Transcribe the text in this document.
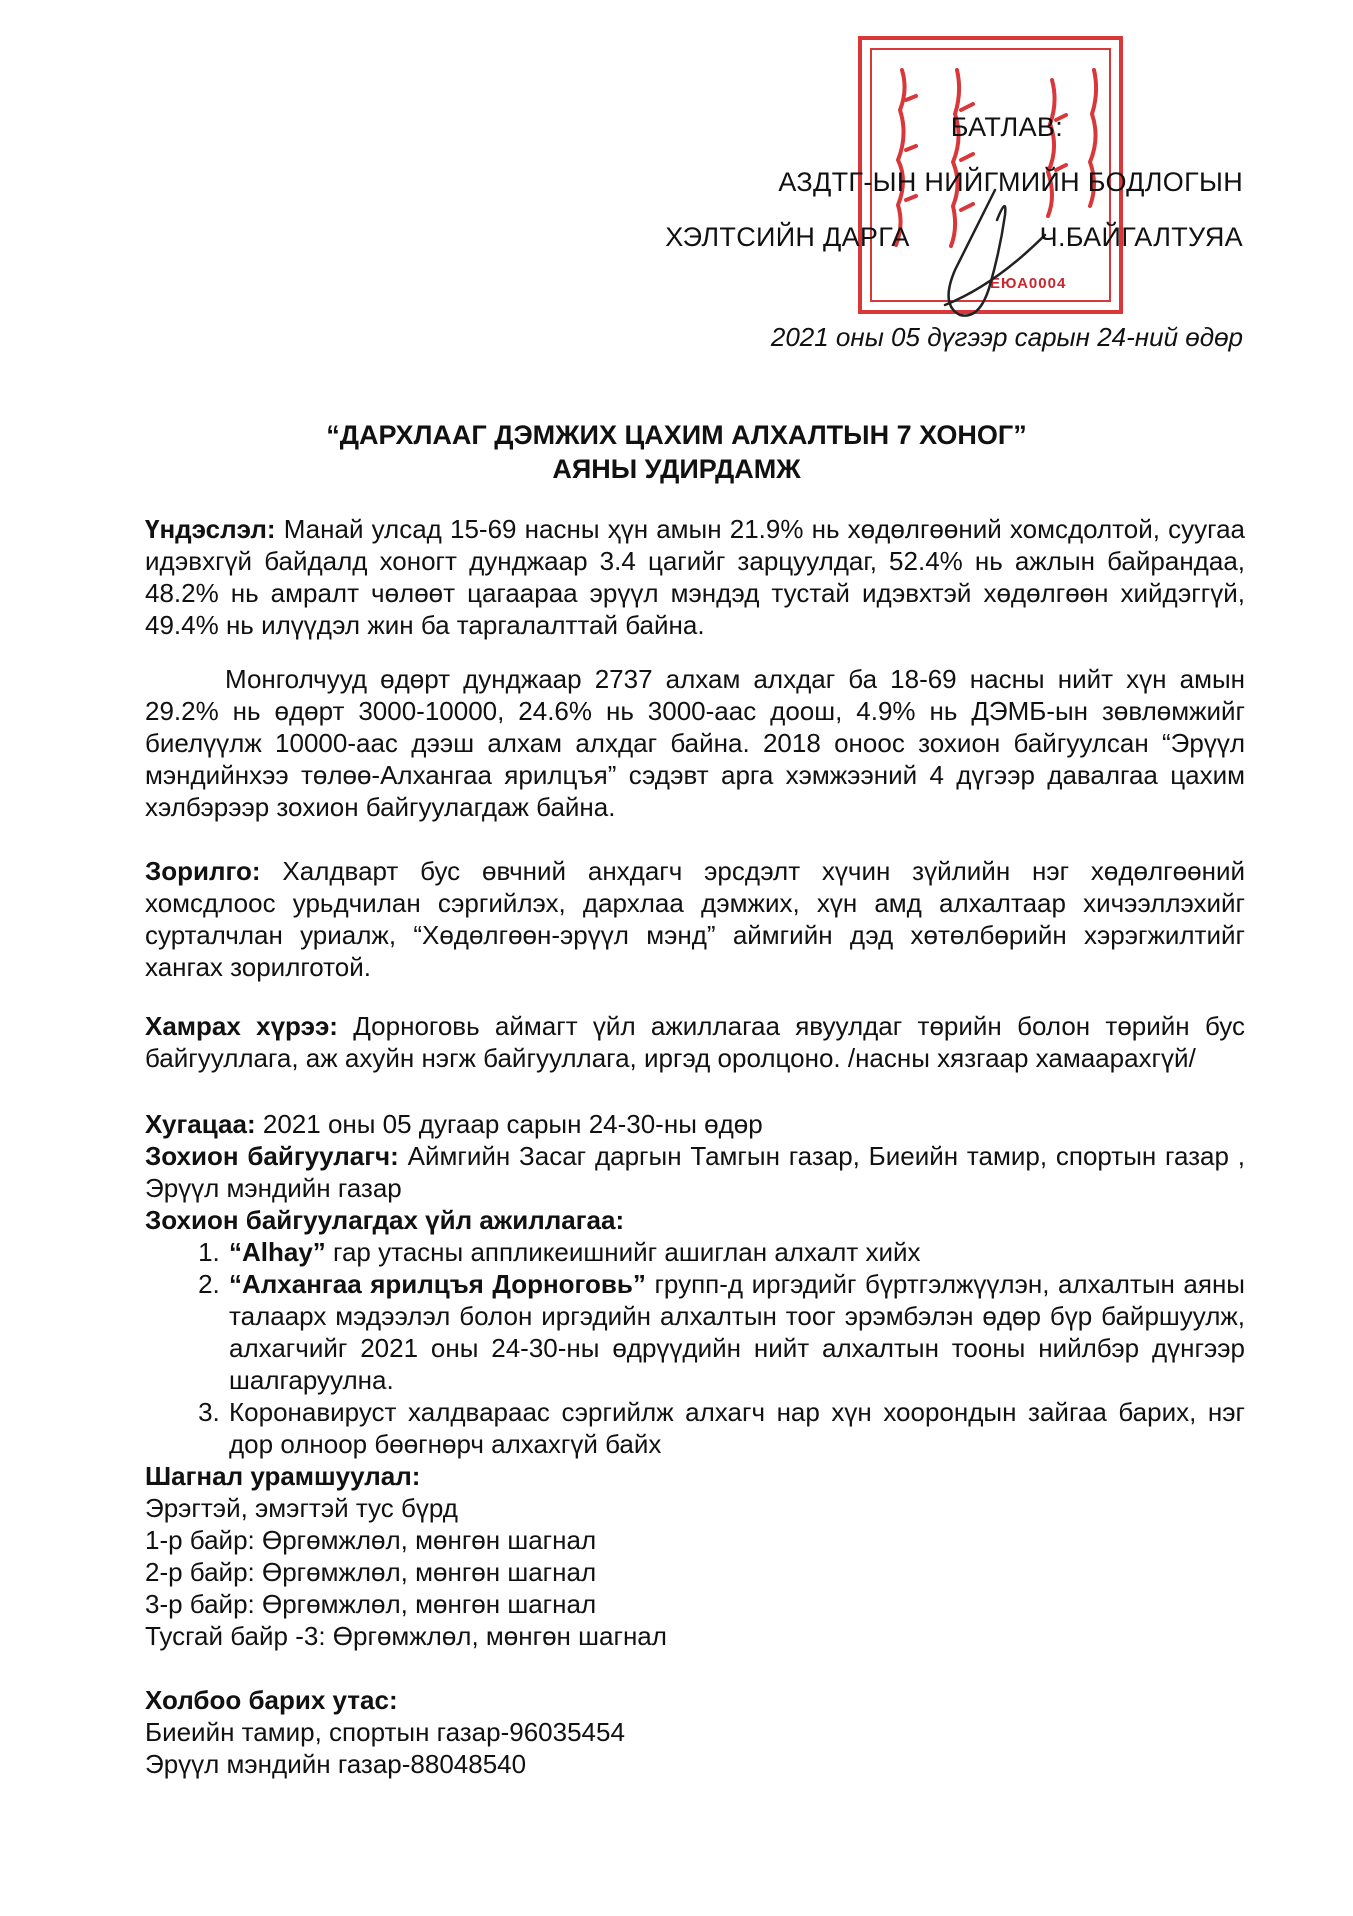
ЕЮА0004
БАТЛАВ:
АЗДТГ-ЫН НИЙГМИЙН БОДЛОГЫН
ХЭЛТСИЙН ДАРГА	Ч.БАЙГАЛТУЯА
2021 оны 05 дүгээр сарын 24-ний өдөр
“ДАРХЛААГ ДЭМЖИХ ЦАХИМ АЛХАЛТЫН 7 ХОНОГ”
АЯНЫ УДИРДАМЖ
Үндэслэл: Манай улсад 15-69 насны ҳүн амын 21.9% нь хөдөлгөөний хомсдолтой, суугаа идэвхгүй байдалд хоногт дунджаар 3.4 цагийг зарцуулдаг, 52.4% нь ажлын байрандаа, 48.2% нь амралт чөлөөт цагаараа эрүүл мэндэд тустай идэвхтэй хөдөлгөөн хийдэггүй, 49.4% нь илүүдэл жин ба таргалалттай байна.
Монголчууд өдөрт дунджаар 2737 алхам алхдаг ба 18-69 насны нийт хүн амын 29.2% нь өдөрт 3000-10000, 24.6% нь 3000-аас доош, 4.9% нь ДЭМБ-ын зөвлөмжийг биелүүлж 10000-аас дээш алхам алхдаг байна. 2018 оноос зохион байгуулсан “Эрүүл мэндийнхээ төлөө-Алхангаа ярилцъя” сэдэвт арга хэмжээний 4 дүгээр давалгаа цахим хэлбэрээр зохион байгуулагдаж байна.
Зорилго: Халдварт бус өвчний анхдагч эрсдэлт хүчин зүйлийн нэг хөдөлгөөний хомсдлоос урьдчилан сэргийлэх, дархлаа дэмжих, хүн амд алхалтаар хичээллэхийг сурталчлан уриалж, “Хөдөлгөөн-эрүүл мэнд” аймгийн дэд хөтөлбөрийн хэрэгжилтийг хангах зорилготой.
Хамрах хүрээ: Дорноговь аймагт үйл ажиллагаа явуулдаг төрийн болон төрийн бус байгууллага, аж ахуйн нэгж байгууллага, иргэд оролцоно. /насны хязгаар хамаарахгүй/
Хугацаа: 2021 оны 05 дугаар сарын 24-30-ны өдөр
Зохион байгуулагч: Аймгийн Засаг даргын Тамгын газар, Биеийн тамир, спортын газар , Эрүүл мэндийн газар
Зохион байгуулагдах үйл ажиллагаа:
1. “Alhay” гар утасны аппликеишнийг ашиглан алхалт хийх
2. “Алхангаа ярилцъя Дорноговь” групп-д иргэдийг бүртгэлжүүлэн, алхалтын аяны талаарх мэдээлэл болон иргэдийн алхалтын тоог эрэмбэлэн өдөр бүр байршуулж, алхагчийг 2021 оны 24-30-ны өдрүүдийн нийт алхалтын тооны нийлбэр дүнгээр шалгаруулна.
3. Коронавируст халдвараас сэргийлж алхагч нар хүн хоорондын зайгаа барих, нэг дор олноор бөөгнөрч алхахгүй байх
Шагнал урамшуулал:
Эрэгтэй, эмэгтэй тус бүрд
1-р байр: Өргөмжлөл, мөнгөн шагнал
2-р байр: Өргөмжлөл, мөнгөн шагнал
3-р байр: Өргөмжлөл, мөнгөн шагнал
Тусгай байр -3: Өргөмжлөл, мөнгөн шагнал
Холбоо барих утас:
Биеийн тамир, спортын газар-96035454
Эрүүл мэндийн газар-88048540
